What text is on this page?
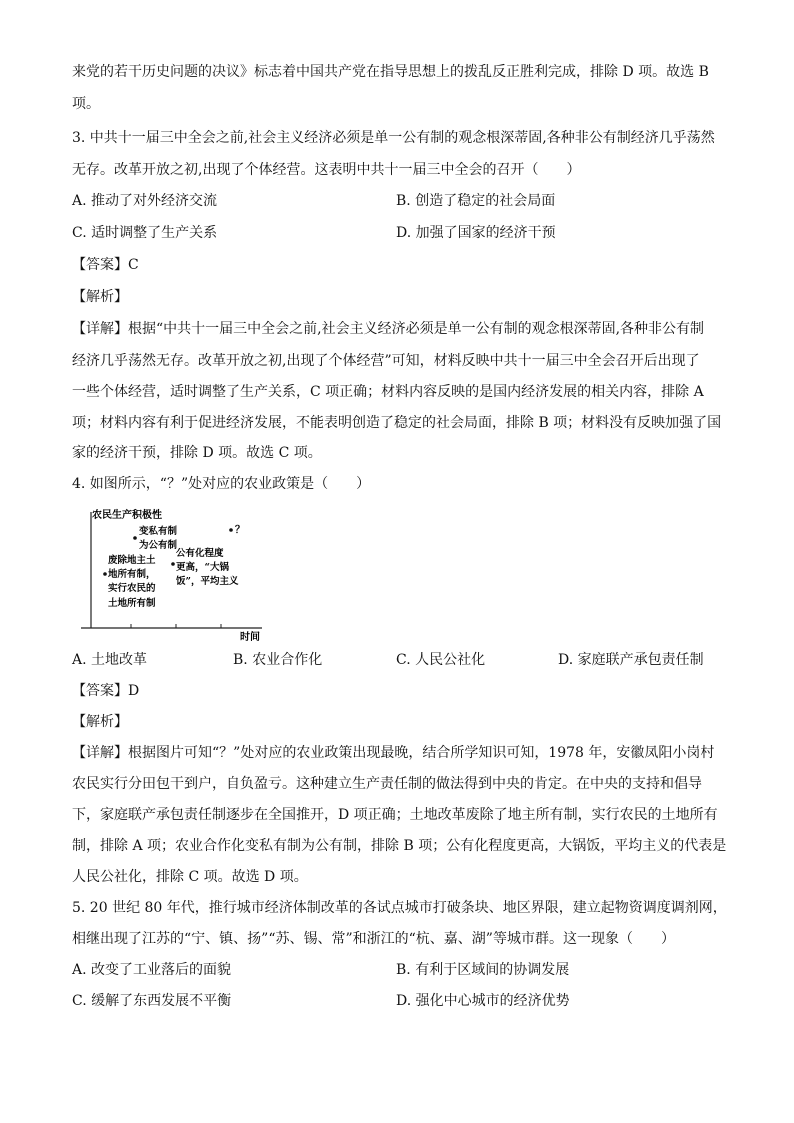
来党的若干历史问题的决议》标志着中国共产党在指导思想上的拨乱反正胜利完成，排除 D 项。故选 B
项。
3. 中共十一届三中全会之前,社会主义经济必须是单一公有制的观念根深蒂固,各种非公有制经济几乎荡然
无存。改革开放之初,出现了个体经营。这表明中共十一届三中全会的召开（　　）
A. 推动了对外经济交流	B. 创造了稳定的社会局面
C. 适时调整了生产关系	D. 加强了国家的经济干预
【答案】C
【解析】
【详解】根据“中共十一届三中全会之前,社会主义经济必须是单一公有制的观念根深蒂固,各种非公有制
经济几乎荡然无存。改革开放之初,出现了个体经营”可知，材料反映中共十一届三中全会召开后出现了
一些个体经营，适时调整了生产关系，C 项正确；材料内容反映的是国内经济发展的相关内容，排除 A
项；材料内容有利于促进经济发展，不能表明创造了稳定的社会局面，排除 B 项；材料没有反映加强了国
家的经济干预，排除 D 项。故选 C 项。
4. 如图所示，“？”处对应的农业政策是（　　）
农民生产积极性
时间
废除地主土
地所有制，
实行农民的
土地所有制
变私有制
为公有制
公有化程度
更高，“大锅
饭”，平均主义
？
A. 土地改革	B. 农业合作化	C. 人民公社化	D. 家庭联产承包责任制
【答案】D
【解析】
【详解】根据图片可知“？”处对应的农业政策出现最晚，结合所学知识可知，1978 年，安徽凤阳小岗村
农民实行分田包干到户，自负盈亏。这种建立生产责任制的做法得到中央的肯定。在中央的支持和倡导
下，家庭联产承包责任制逐步在全国推开，D 项正确；土地改革废除了地主所有制，实行农民的土地所有
制，排除 A 项；农业合作化变私有制为公有制，排除 B 项；公有化程度更高，大锅饭，平均主义的代表是
人民公社化，排除 C 项。故选 D 项。
5. 20 世纪 80 年代，推行城市经济体制改革的各试点城市打破条块、地区界限，建立起物资调度调剂网，
相继出现了江苏的“宁、镇、扬”“苏、锡、常”和浙江的“杭、嘉、湖”等城市群。这一现象（　　）
A. 改变了工业落后的面貌	B. 有利于区域间的协调发展
C. 缓解了东西发展不平衡	D. 强化中心城市的经济优势
